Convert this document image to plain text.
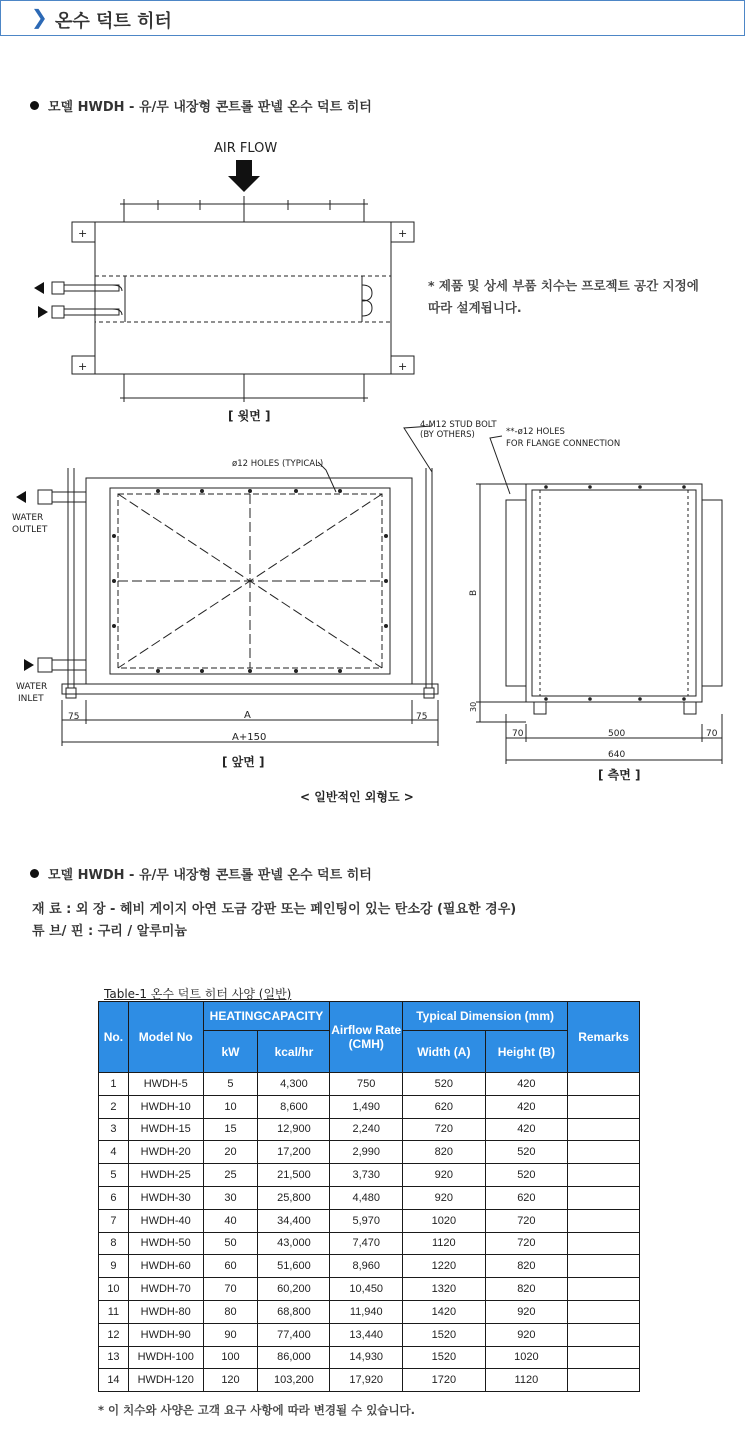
❯ 온수 덕트 히터
모델 HWDH - 유/무 내장형 콘트롤 판넬 온수 덕트 히터
* 제품 및 상세 부품 치수는 프로젝트 공간 지정에
따라 설계됩니다.
+	+
+	+
AIR FLOW
[ 윗면 ]
ø12 HOLES (TYPICAL)
4-M12 STUD BOLT
(BY OTHERS)	**-ø12 HOLES
FOR FLANGE CONNECTION
WATER
OUTLET
WATER
INLET
75	A	75
A+150
[ 앞면 ]
< 일반적인 외형도 >
B
30
70	500	70
640
[ 측면 ]
모델 HWDH - 유/무 내장형 콘트롤 판넬 온수 덕트 히터
재 료 : 외 장 - 헤비 게이지 아연 도금 강판 또는 페인팅이 있는 탄소강 (필요한 경우)
튜 브/ 핀 : 구리 / 알루미늄
Table-1 온수 덕트 히터 사양 (일반)
No.	Model No	HEATINGCAPACITY		Airflow Rate (CMH)	Typical Dimension (mm)		Remarks
		kW	kcal/hr		Width (A)	Height (B)	
1	HWDH-5	5	4,300	750	520	420	
2	HWDH-10	10	8,600	1,490	620	420	
3	HWDH-15	15	12,900	2,240	720	420	
4	HWDH-20	20	17,200	2,990	820	520	
5	HWDH-25	25	21,500	3,730	920	520	
6	HWDH-30	30	25,800	4,480	920	620	
7	HWDH-40	40	34,400	5,970	1020	720	
8	HWDH-50	50	43,000	7,470	1120	720	
9	HWDH-60	60	51,600	8,960	1220	820	
10	HWDH-70	70	60,200	10,450	1320	820	
11	HWDH-80	80	68,800	11,940	1420	920	
12	HWDH-90	90	77,400	13,440	1520	920	
13	HWDH-100	100	86,000	14,930	1520	1020	
14	HWDH-120	120	103,200	17,920	1720	1120	
* 이 치수와 사양은 고객 요구 사항에 따라 변경될 수 있습니다.
